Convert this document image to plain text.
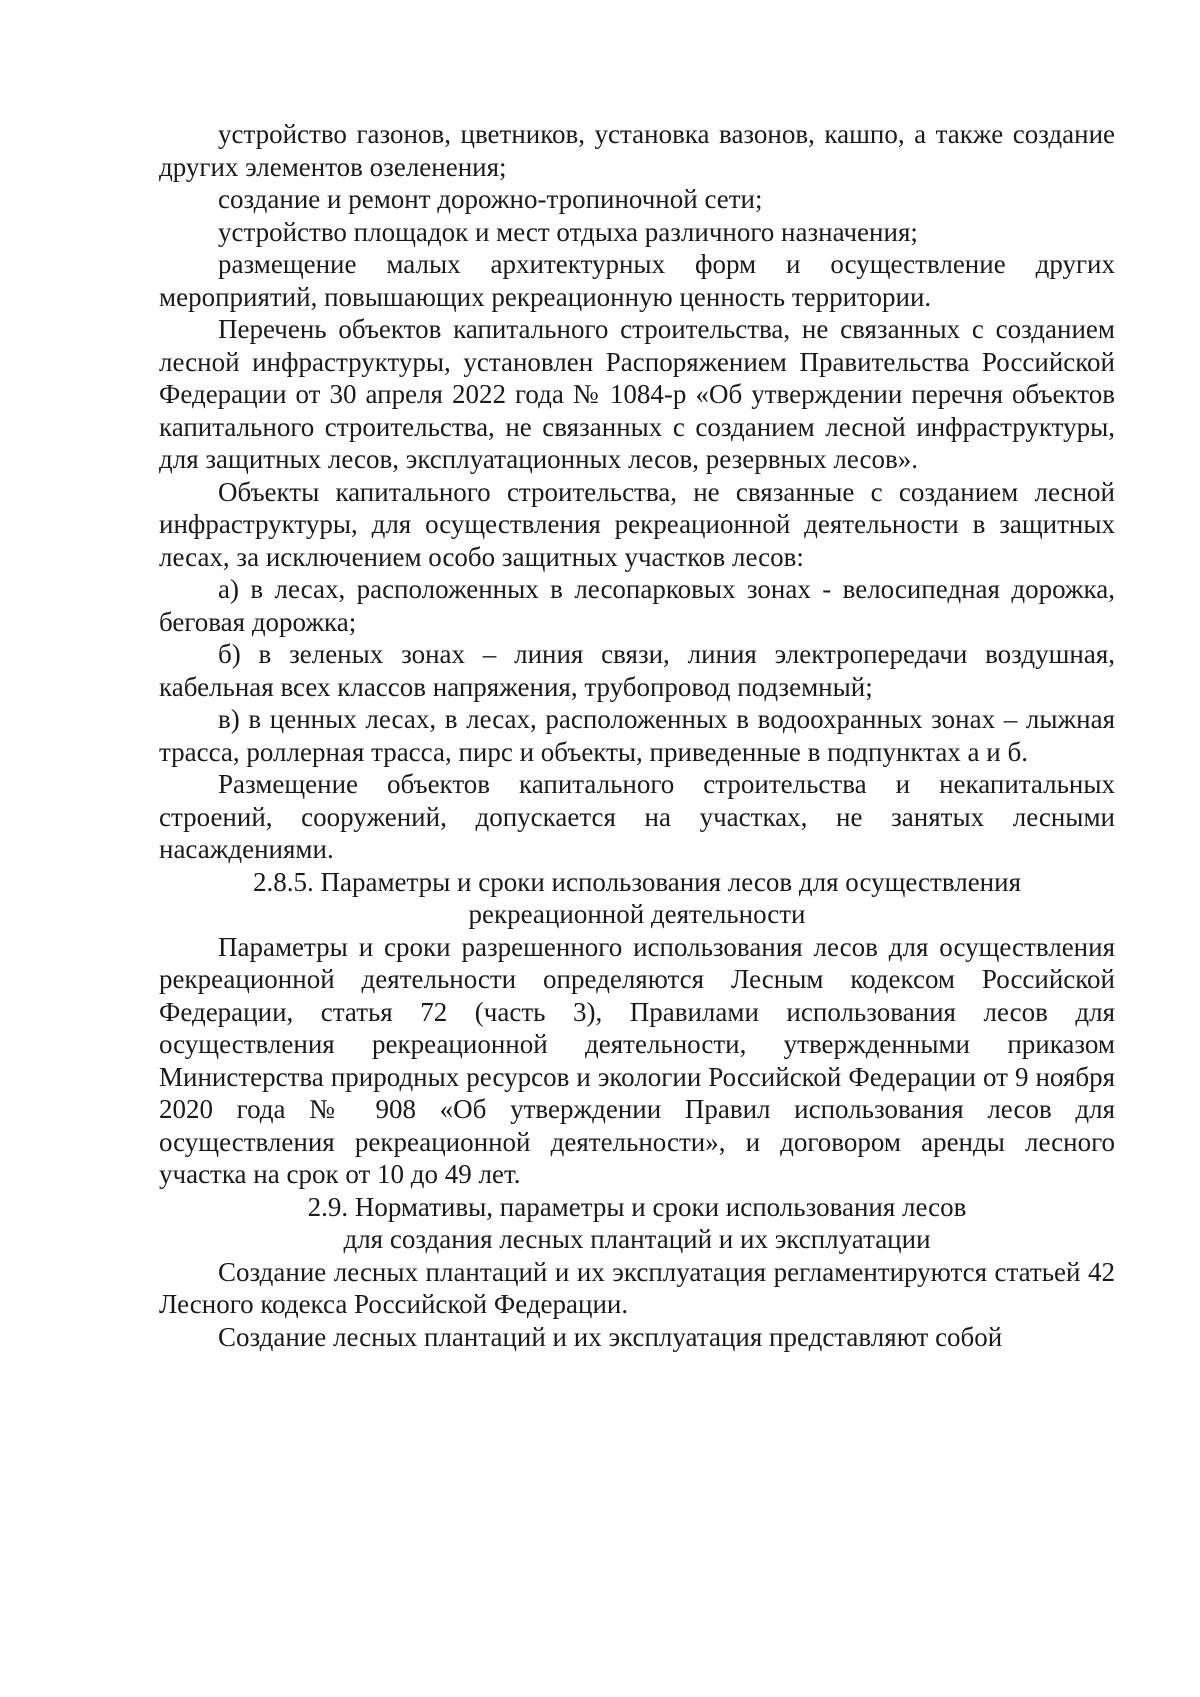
устройство газонов, цветников, установка вазонов, кашпо, а также создание других элементов озеленения;

создание и ремонт дорожно-тропиночной сети;

устройство площадок и мест отдыха различного назначения;

размещение малых архитектурных форм и осуществление других мероприятий, повышающих рекреационную ценность территории.

Перечень объектов капитального строительства, не связанных с созданием лесной инфраструктуры, установлен Распоряжением Правительства Российской Федерации от 30 апреля 2022 года № 1084-р «Об утверждении перечня объектов капитального строительства, не связанных с созданием лесной инфраструктуры, для защитных лесов, эксплуатационных лесов, резервных лесов».

Объекты капитального строительства, не связанные с созданием лесной инфраструктуры, для осуществления рекреационной деятельности в защитных лесах, за исключением особо защитных участков лесов:

а) в лесах, расположенных в лесопарковых зонах - велосипедная дорожка, беговая дорожка;

б) в зеленых зонах – линия связи, линия электропередачи воздушная, кабельная всех классов напряжения, трубопровод подземный;

в) в ценных лесах, в лесах, расположенных в водоохранных зонах – лыжная трасса, роллерная трасса, пирс и объекты, приведенные в подпунктах а и б.

Размещение объектов капитального строительства и некапитальных строений, сооружений, допускается на участках, не занятых лесными насаждениями.

2.8.5. Параметры и сроки использования лесов для осуществления
рекреационной деятельности

Параметры и сроки разрешенного использования лесов для осуществления рекреационной деятельности определяются Лесным кодексом Российской Федерации, статья 72 (часть 3), Правилами использования лесов для осуществления рекреационной деятельности, утвержденными приказом Министерства природных ресурсов и экологии Российской Федерации от 9 ноября 2020 года № 908 «Об утверждении Правил использования лесов для осуществления рекреационной деятельности», и договором аренды лесного участка на срок от 10 до 49 лет.

2.9. Нормативы, параметры и сроки использования лесов
для создания лесных плантаций и их эксплуатации

Создание лесных плантаций и их эксплуатация регламентируются статьей 42 Лесного кодекса Российской Федерации.

Создание лесных плантаций и их эксплуатация представляют собой
